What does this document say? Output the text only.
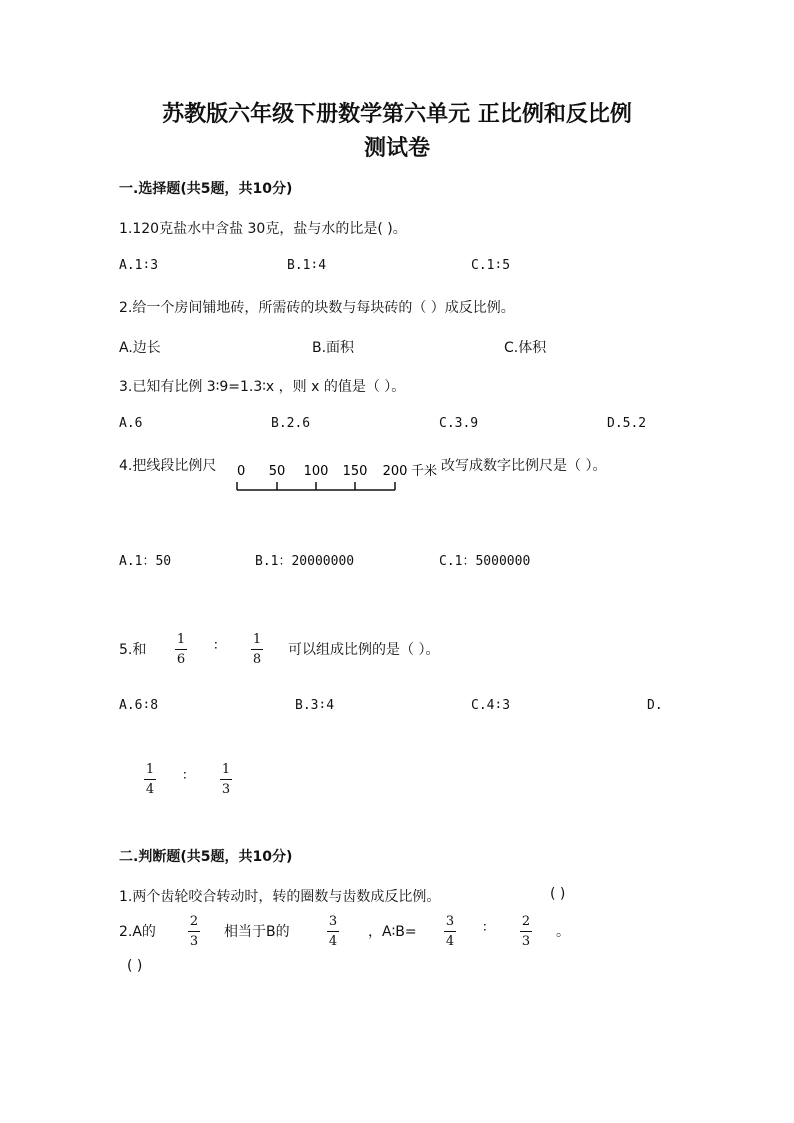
苏教版六年级下册数学第六单元 正比例和反比例
测试卷
一.选择题(共5题，共10分)
1.120克盐水中含盐 30克，盐与水的比是( )。
A.1∶3	B.1∶4	C.1∶5
2.给一个房间铺地砖，所需砖的块数与每块砖的（ ）成反比例。
A.边长	B.面积	C.体积
3.已知有比例 3∶9=1.3∶x ，则 x 的值是（ ）。
A.6	B.2.6	C.3.9	D.5.2
4.把线段比例尺 0 50 100 150 200 千米 改写成数字比例尺是（ ）。
A.1：50	B.1：20000000	C.1：5000000
5.和
1
6
∶	1
8
可以组成比例的是（ ）。
A.6∶8	B.3∶4	C.4∶3	D.
1
4
∶	1
3
二.判断题(共5题，共10分)
1.两个齿轮咬合转动时，转的圈数与齿数成反比例。	( )
2.A的
2
3
相当于B的
3
4
，A∶B=
3
4
∶	2
3
。
( )
